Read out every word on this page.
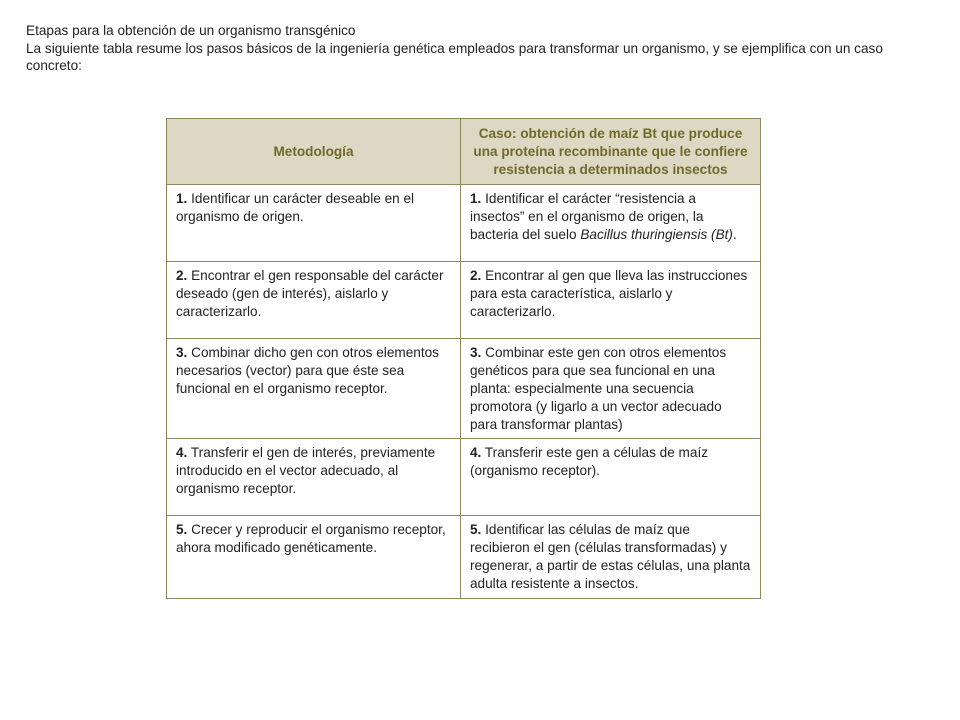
Etapas para la obtención de un organismo transgénico
La siguiente tabla resume los pasos básicos de la ingeniería genética empleados para transformar un organismo, y se ejemplifica con un caso concreto:
Metodología	Caso: obtención de maíz Bt que produce una proteína recombinante que le confiere resistencia a determinados insectos
1. Identificar un carácter deseable en el organismo de origen.	1. Identificar el carácter “resistencia a insectos” en el organismo de origen, la bacteria del suelo Bacillus thuringiensis (Bt).
2. Encontrar el gen responsable del carácter deseado (gen de interés), aislarlo y caracterizarlo.	2. Encontrar al gen que lleva las instrucciones para esta característica, aislarlo y caracterizarlo.
3. Combinar dicho gen con otros elementos necesarios (vector) para que éste sea funcional en el organismo receptor.	3. Combinar este gen con otros elementos genéticos para que sea funcional en una planta: especialmente una secuencia promotora (y ligarlo a un vector adecuado para transformar plantas)
4. Transferir el gen de interés, previamente introducido en el vector adecuado, al organismo receptor.	4. Transferir este gen a células de maíz (organismo receptor).
5. Crecer y reproducir el organismo receptor, ahora modificado genéticamente.	5. Identificar las células de maíz que recibieron el gen (células transformadas) y regenerar, a partir de estas células, una planta adulta resistente a insectos.
